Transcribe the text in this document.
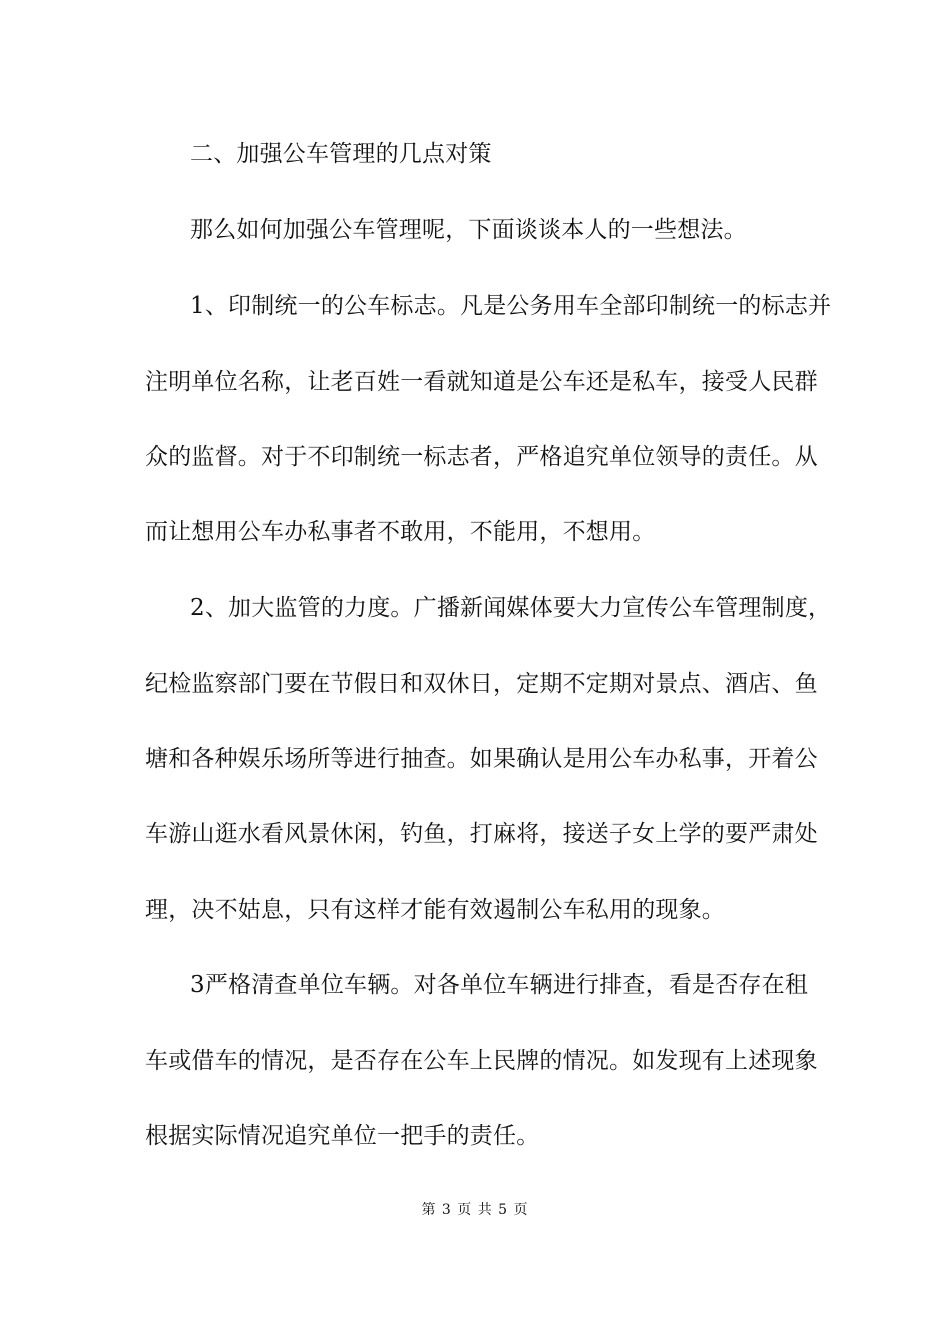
二、加强公车管理的几点对策
那么如何加强公车管理呢，下面谈谈本人的一些想法。
1、印制统一的公车标志。凡是公务用车全部印制统一的标志并
注明单位名称，让老百姓一看就知道是公车还是私车，接受人民群
众的监督。对于不印制统一标志者，严格追究单位领导的责任。从
而让想用公车办私事者不敢用，不能用，不想用。
2、加大监管的力度。广播新闻媒体要大力宣传公车管理制度，
纪检监察部门要在节假日和双休日，定期不定期对景点、酒店、鱼
塘和各种娱乐场所等进行抽查。如果确认是用公车办私事，开着公
车游山逛水看风景休闲，钓鱼，打麻将，接送子女上学的要严肃处
理，决不姑息，只有这样才能有效遏制公车私用的现象。
3严格清查单位车辆。对各单位车辆进行排查，看是否存在租
车或借车的情况，是否存在公车上民牌的情况。如发现有上述现象
根据实际情况追究单位一把手的责任。
第 3 页 共 5 页
